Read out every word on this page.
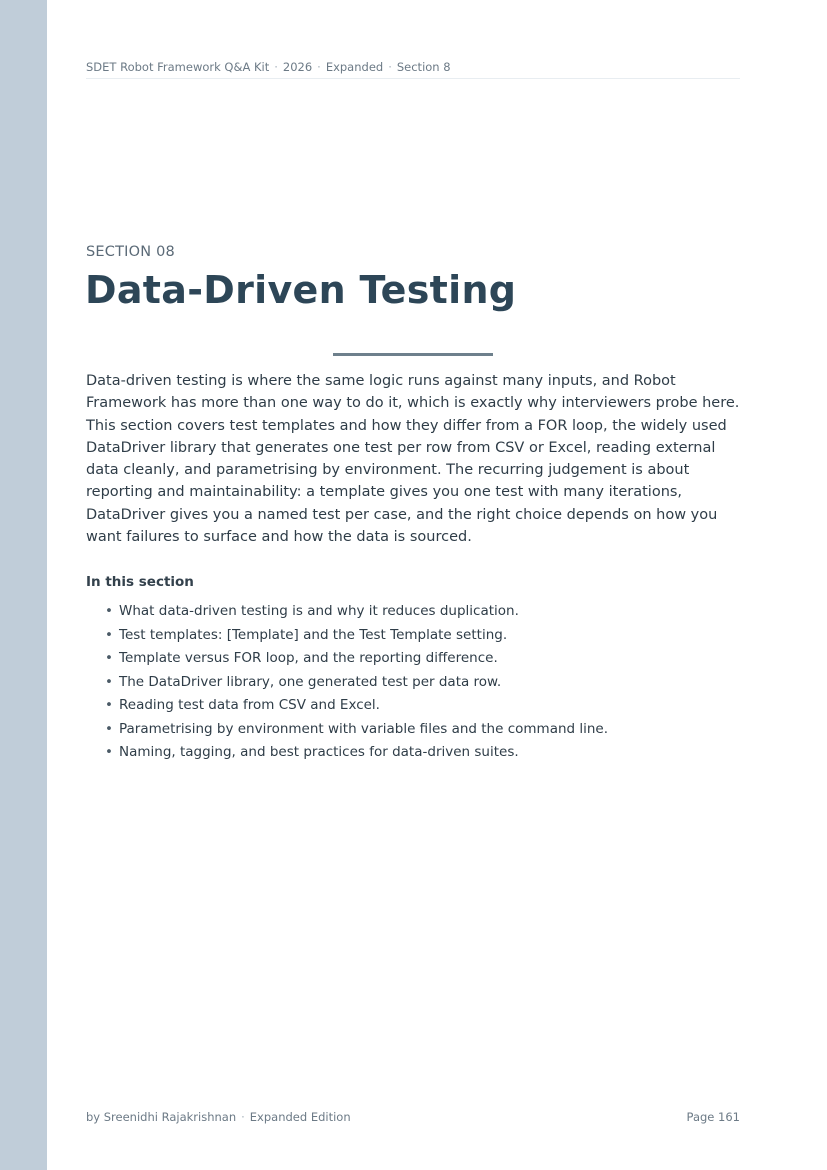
SDET Robot Framework Q&A Kit · 2026 · Expanded · Section 8
SECTION 08
Data-Driven Testing

Data-driven testing is where the same logic runs against many inputs, and Robot Framework has more than one way to do it, which is exactly why interviewers probe here. This section covers test templates and how they differ from a FOR loop, the widely used DataDriver library that generates one test per row from CSV or Excel, reading external data cleanly, and parametrising by environment. The recurring judgement is about reporting and maintainability: a template gives you one test with many iterations, DataDriver gives you a named test per case, and the right choice depends on how you want failures to surface and how the data is sourced.

In this section
• What data-driven testing is and why it reduces duplication.
• Test templates: [Template] and the Test Template setting.
• Template versus FOR loop, and the reporting difference.
• The DataDriver library, one generated test per data row.
• Reading test data from CSV and Excel.
• Parametrising by environment with variable files and the command line.
• Naming, tagging, and best practices for data-driven suites.
by Sreenidhi Rajakrishnan · Expanded Edition	Page 161
